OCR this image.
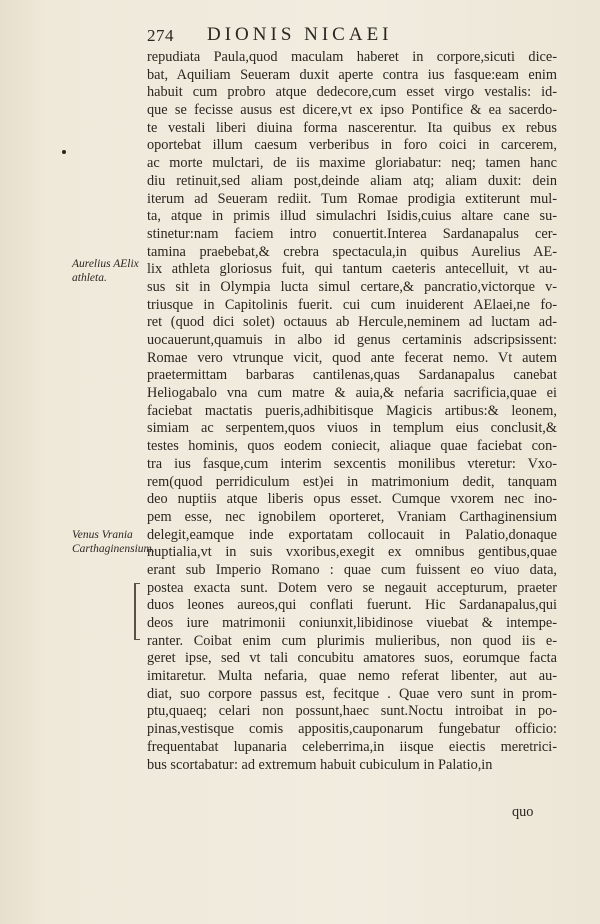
274 DIONIS NICAEI
Aurelius AElix athleta.
Venus Vrania Carthaginensium.
repudiata Paula,quod maculam haberet in corpore,sicuti dice-
bat, Aquiliam Seueram duxit aperte contra ius fasque:eam enim
habuit cum probro atque dedecore,cum esset virgo vestalis: id-
que se fecisse ausus est dicere,vt ex ipso Pontifice & ea sacerdo-
te vestali liberi diuina forma nascerentur. Ita quibus ex rebus
oportebat illum caesum verberibus in foro coici in carcerem,
ac morte mulctari, de iis maxime gloriabatur: neq; tamen hanc
diu retinuit,sed aliam post,deinde aliam atq; aliam duxit: dein
iterum ad Seueram rediit. Tum Romae prodigia extiterunt mul-
ta, atque in primis illud simulachri Isidis,cuius altare cane su-
stinetur:nam faciem intro conuertit.Interea Sardanapalus cer-
tamina praebebat,& crebra spectacula,in quibus Aurelius AE-
lix athleta gloriosus fuit, qui tantum caeteris antecelluit, vt au-
sus sit in Olympia lucta simul certare,& pancratio,victorque v-
triusque in Capitolinis fuerit. cui cum inuiderent AElaei,ne fo-
ret (quod dici solet) octauus ab Hercule,neminem ad luctam ad-
uocauerunt,quamuis in albo id genus certaminis adscripsissent:
Romae vero vtrunque vicit, quod ante fecerat nemo. Vt autem
praetermittam barbaras cantilenas,quas Sardanapalus canebat
Heliogabalo vna cum matre & auia,& nefaria sacrificia,quae ei
faciebat mactatis pueris,adhibitisque Magicis artibus:& leonem,
simiam ac serpentem,quos viuos in templum eius conclusit,&
testes hominis, quos eodem coniecit, aliaque quae faciebat con-
tra ius fasque,cum interim sexcentis monilibus vteretur: Vxo-
rem(quod perridiculum est)ei in matrimonium dedit, tanquam
deo nuptiis atque liberis opus esset. Cumque vxorem nec ino-
pem esse, nec ignobilem oporteret, Vraniam Carthaginensium
delegit,eamque inde exportatam collocauit in Palatio,donaque
nuptialia,vt in suis vxoribus,exegit ex omnibus gentibus,quae
erant sub Imperio Romano : quae cum fuissent eo viuo data,
postea exacta sunt. Dotem vero se negauit accepturum, praeter
duos leones aureos,qui conflati fuerunt. Hic Sardanapalus,qui
deos iure matrimonii coniunxit,libidinose viuebat & intempe-
ranter. Coibat enim cum plurimis mulieribus, non quod iis e-
geret ipse, sed vt tali concubitu amatores suos, eorumque facta
imitaretur. Multa nefaria, quae nemo referat libenter, aut au-
diat, suo corpore passus est, fecitque . Quae vero sunt in prom-
ptu,quaeq; celari non possunt,haec sunt.Noctu introibat in po-
pinas,vestisque comis appositis,cauponarum fungebatur officio:
frequentabat lupanaria celeberrima,in iisque eiectis meretrici-
bus scortabatur: ad extremum habuit cubiculum in Palatio,in
quo
